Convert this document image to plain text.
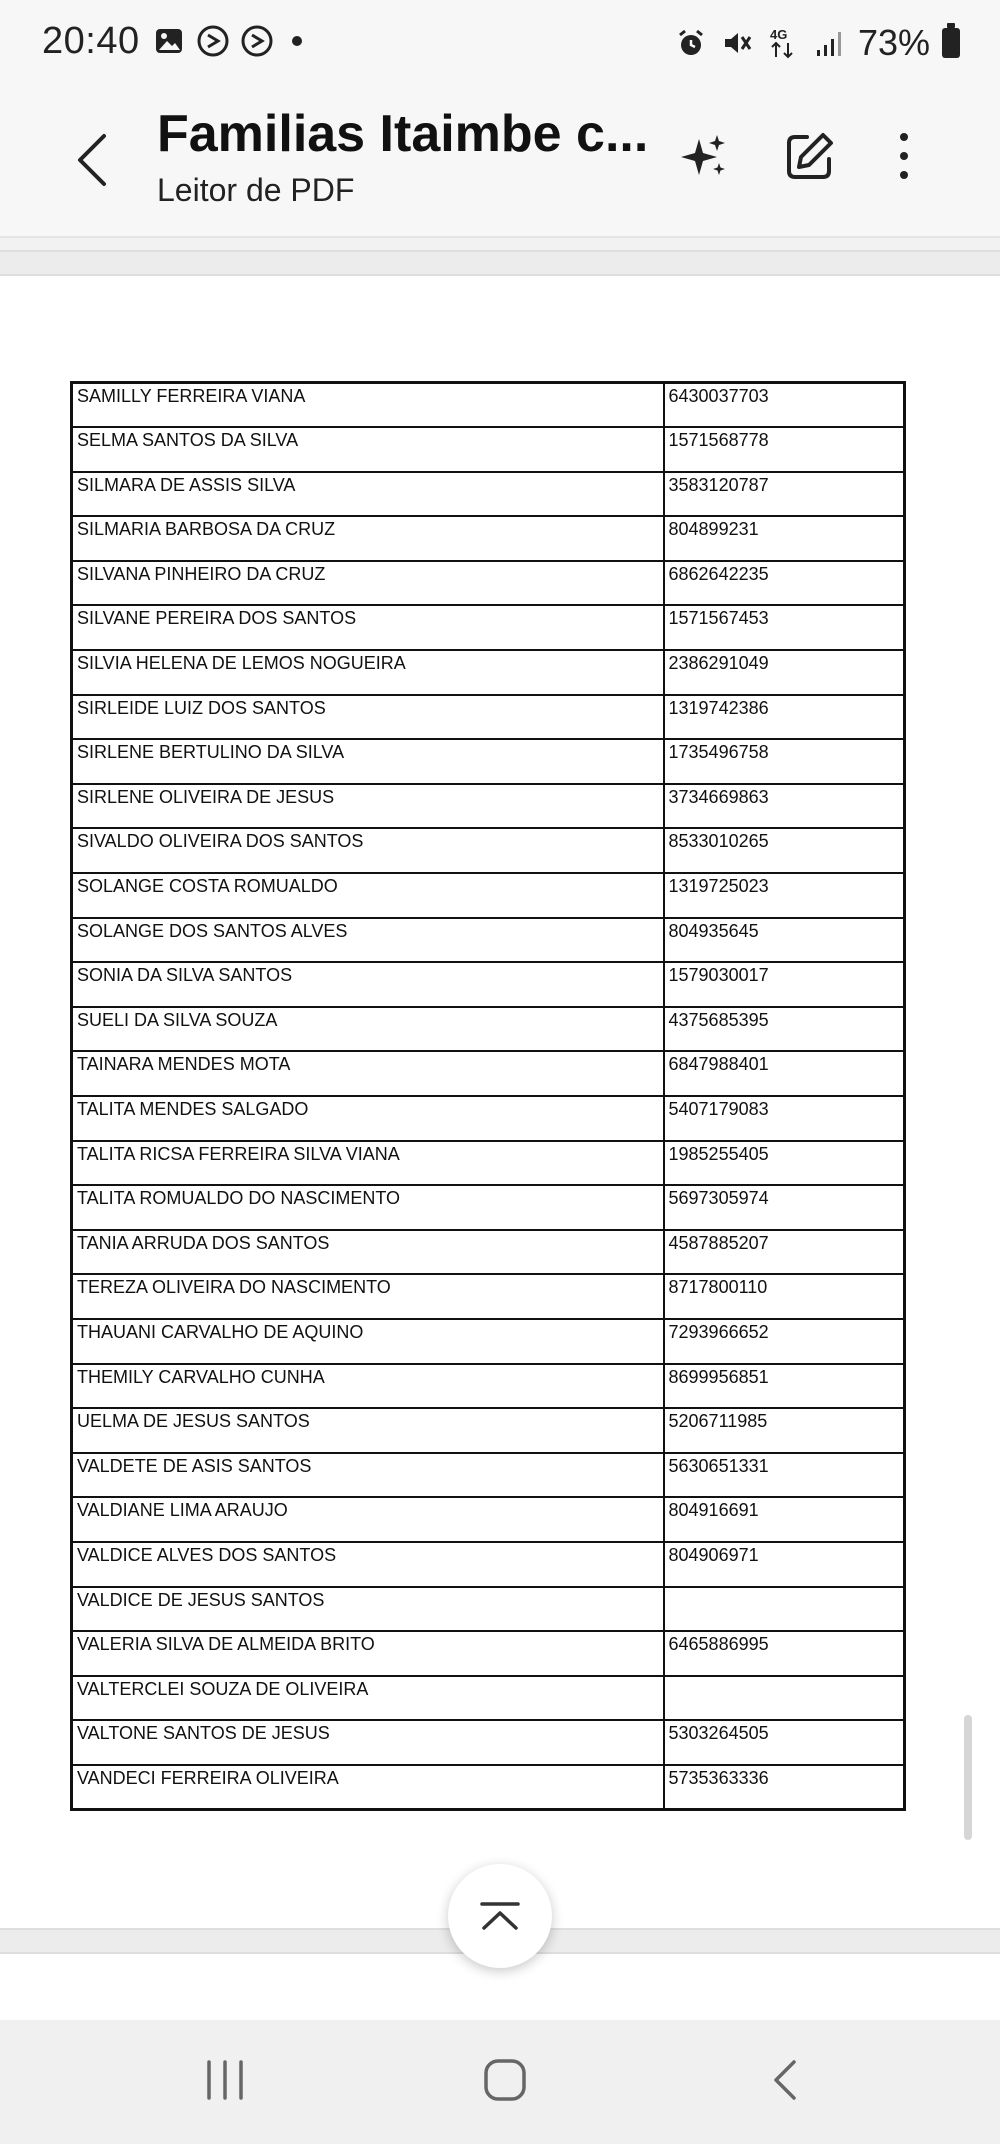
20:40	4G 73%
Familias Itaimbe c...
Leitor de PDF
SAMILLY FERREIRA VIANA	6430037703
SELMA SANTOS DA SILVA	1571568778
SILMARA DE ASSIS SILVA	3583120787
SILMARIA BARBOSA DA CRUZ	804899231
SILVANA PINHEIRO DA CRUZ	6862642235
SILVANE PEREIRA DOS SANTOS	1571567453
SILVIA HELENA DE LEMOS NOGUEIRA	2386291049
SIRLEIDE LUIZ DOS SANTOS	1319742386
SIRLENE BERTULINO DA SILVA	1735496758
SIRLENE OLIVEIRA DE JESUS	3734669863
SIVALDO OLIVEIRA DOS SANTOS	8533010265
SOLANGE COSTA ROMUALDO	1319725023
SOLANGE DOS SANTOS ALVES	804935645
SONIA DA SILVA SANTOS	1579030017
SUELI DA SILVA SOUZA	4375685395
TAINARA MENDES MOTA	6847988401
TALITA MENDES SALGADO	5407179083
TALITA RICSA FERREIRA SILVA VIANA	1985255405
TALITA ROMUALDO DO NASCIMENTO	5697305974
TANIA ARRUDA DOS SANTOS	4587885207
TEREZA OLIVEIRA DO NASCIMENTO	8717800110
THAUANI CARVALHO DE AQUINO	7293966652
THEMILY CARVALHO CUNHA	8699956851
UELMA DE JESUS SANTOS	5206711985
VALDETE DE ASIS SANTOS	5630651331
VALDIANE LIMA ARAUJO	804916691
VALDICE ALVES DOS SANTOS	804906971
VALDICE DE JESUS SANTOS	
VALERIA SILVA DE ALMEIDA BRITO	6465886995
VALTERCLEI SOUZA DE OLIVEIRA	
VALTONE SANTOS DE JESUS	5303264505
VANDECI FERREIRA OLIVEIRA	5735363336
